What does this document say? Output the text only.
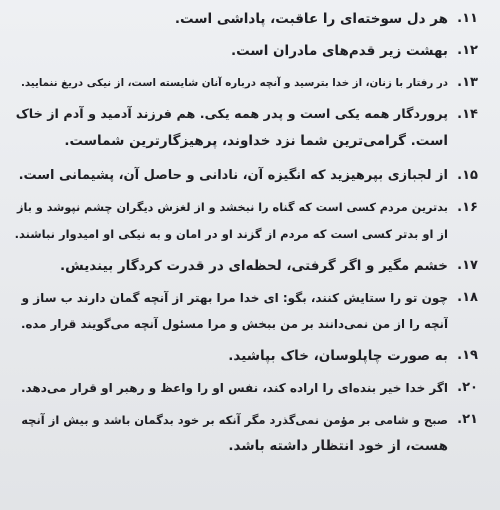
۱۱.
هر دل سوخته‌ای را عاقبت، پاداشی است.
۱۲.
بهشت زیر قدم‌های مادران است.
۱۳.
در رفتار با زنان، از خدا بترسید و آنچه درباره آنان شایسته است، از نیکی دریغ ننمایید.
۱۴.
پروردگار همه یکی است و پدر همه یکی. هم فرزند آدمید و آدم از خاک
است. گرامی‌ترین شما نزد خداوند، پرهیزگارترین شماست.
۱۵.
از لجبازی بپرهیزید که انگیزه آن، نادانی و حاصل آن، پشیمانی است.
۱۶.
بدترین مردم کسی است که گناه را نبخشد و از لغزش دیگران چشم نپوشد و باز
از او بدتر کسی است که مردم از گزند او در امان و به نیکی او امیدوار نباشند.
۱۷.
خشم مگیر و اگر گرفتی، لحظه‌ای در قدرت کردگار بیندیش.
۱۸.
چون تو را ستایش کنند، بگو: ای خدا مرا بهتر از آنچه گمان دارند ب ساز و
آنچه را از من نمی‌دانند بر من ببخش و مرا مسئول آنچه می‌گویند قرار مده.
۱۹.
به صورت چاپلوسان، خاک بپاشید.
۲۰.
اگر خدا خیر بنده‌ای را اراده کند، نفس او را واعظ و رهبر او قرار می‌دهد.
۲۱.
صبح و شامی بر مؤمن نمی‌گذرد مگر آنکه بر خود بدگمان باشد و بیش از آنچه
هست، از خود انتظار داشته باشد.
